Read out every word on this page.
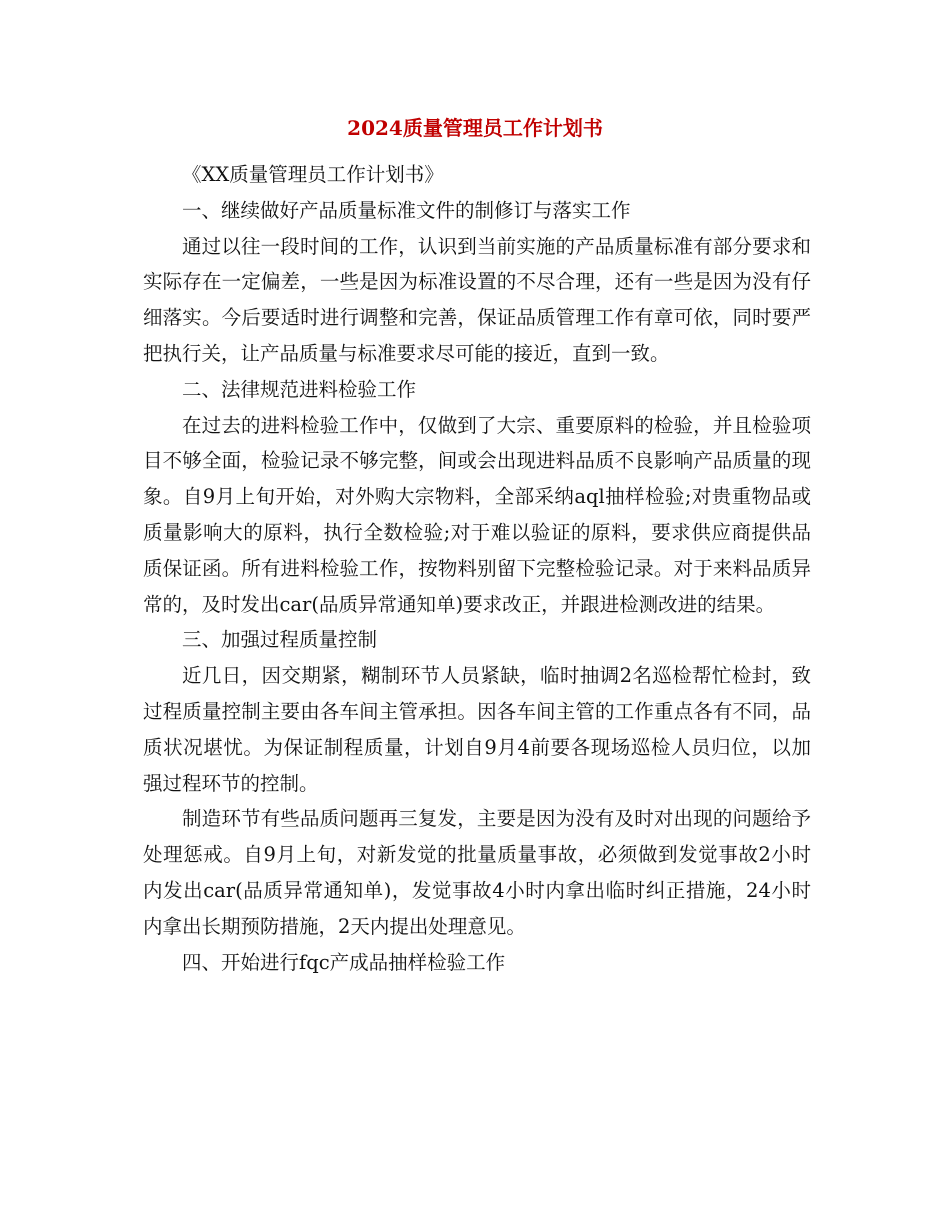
2024质量管理员工作计划书

《XX质量管理员工作计划书》

一、继续做好产品质量标准文件的制修订与落实工作

通过以往一段时间的工作，认识到当前实施的产品质量标准有部分要求和实际存在一定偏差，一些是因为标准设置的不尽合理，还有一些是因为没有仔细落实。今后要适时进行调整和完善，保证品质管理工作有章可依，同时要严把执行关，让产品质量与标准要求尽可能的接近，直到一致。

二、法律规范进料检验工作

在过去的进料检验工作中，仅做到了大宗、重要原料的检验，并且检验项目不够全面，检验记录不够完整，间或会出现进料品质不良影响产品质量的现象。自9月上旬开始，对外购大宗物料，全部采纳aql抽样检验;对贵重物品或质量影响大的原料，执行全数检验;对于难以验证的原料，要求供应商提供品质保证函。所有进料检验工作，按物料别留下完整检验记录。对于来料品质异常的，及时发出car(品质异常通知单)要求改正，并跟进检测改进的结果。

三、加强过程质量控制

近几日，因交期紧，糊制环节人员紧缺，临时抽调2名巡检帮忙检封，致过程质量控制主要由各车间主管承担。因各车间主管的工作重点各有不同，品质状况堪忧。为保证制程质量，计划自9月4前要各现场巡检人员归位，以加强过程环节的控制。

制造环节有些品质问题再三复发，主要是因为没有及时对出现的问题给予处理惩戒。自9月上旬，对新发觉的批量质量事故，必须做到发觉事故2小时内发出car(品质异常通知单)，发觉事故4小时内拿出临时纠正措施，24小时内拿出长期预防措施，2天内提出处理意见。

四、开始进行fqc产成品抽样检验工作
